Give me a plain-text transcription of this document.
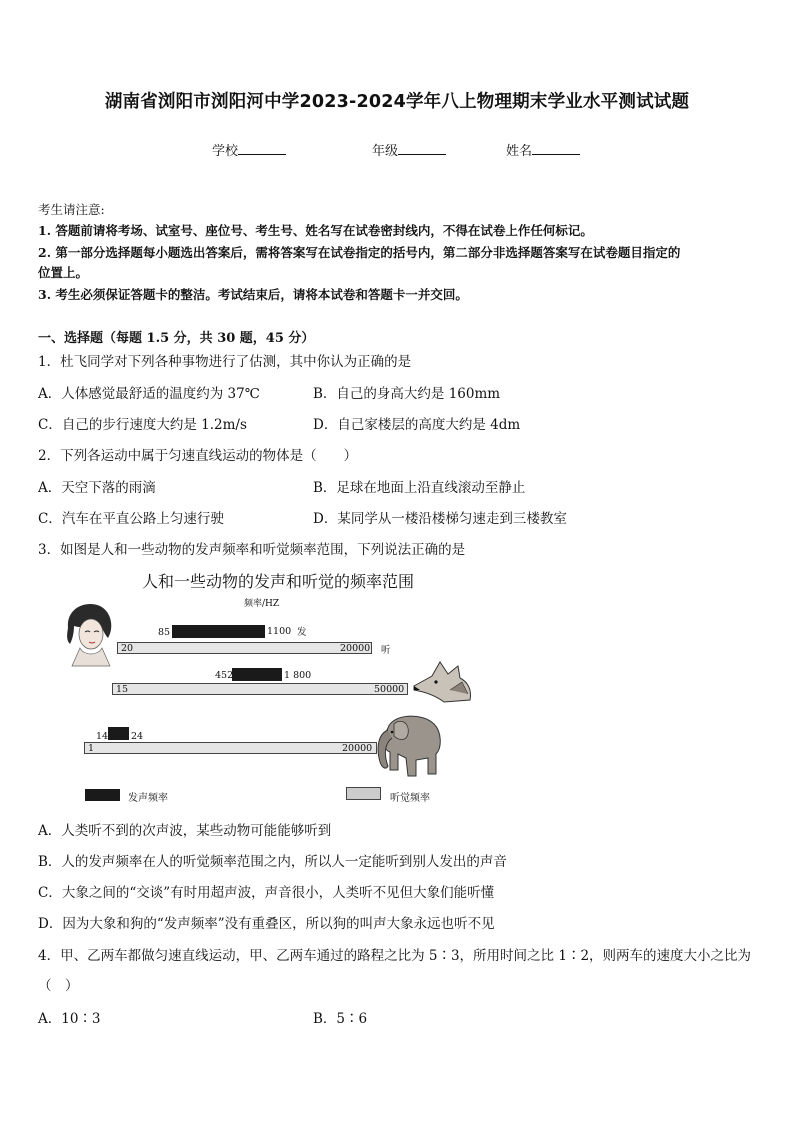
湖南省浏阳市浏阳河中学2023-2024学年八上物理期末学业水平测试试题
学校	年级	姓名
考生请注意:
1. 答题前请将考场、试室号、座位号、考生号、姓名写在试卷密封线内，不得在试卷上作任何标记。
2. 第一部分选择题每小题选出答案后，需将答案写在试卷指定的括号内，第二部分非选择题答案写在试卷题目指定的
位置上。
3. 考生必须保证答题卡的整洁。考试结束后，请将本试卷和答题卡一并交回。
一、选择题（每题 1.5 分，共 30 题，45 分）
1．杜飞同学对下列各种事物进行了估测，其中你认为正确的是
A．人体感觉最舒适的温度约为 37℃	B．自己的身高大约是 160mm
C．自己的步行速度大约是 1.2m/s	D．自己家楼层的高度大约是 4dm
2．下列各运动中属于匀速直线运动的物体是（　　）
A．天空下落的雨滴	B．足球在地面上沿直线滚动至静止
C．汽车在平直公路上匀速行驶	D．某同学从一楼沿楼梯匀速走到三楼教室
3．如图是人和一些动物的发声频率和听觉频率范围，下列说法正确的是
人和一些动物的发声和听觉的频率范围
频率/HZ
85	1100 发
20	20000 听
452	1 800
15	50000
14 24
1	20000
发声频率	听觉频率
A．人类听不到的次声波，某些动物可能能够听到
B．人的发声频率在人的听觉频率范围之内，所以人一定能听到别人发出的声音
C．大象之间的“交谈”有时用超声波，声音很小，人类听不见但大象们能听懂
D．因为大象和狗的“发声频率”没有重叠区，所以狗的叫声大象永远也听不见
4．甲、乙两车都做匀速直线运动，甲、乙两车通过的路程之比为 5∶3，所用时间之比 1∶2，则两车的速度大小之比为
（　）
A．10∶3	B．5∶6
